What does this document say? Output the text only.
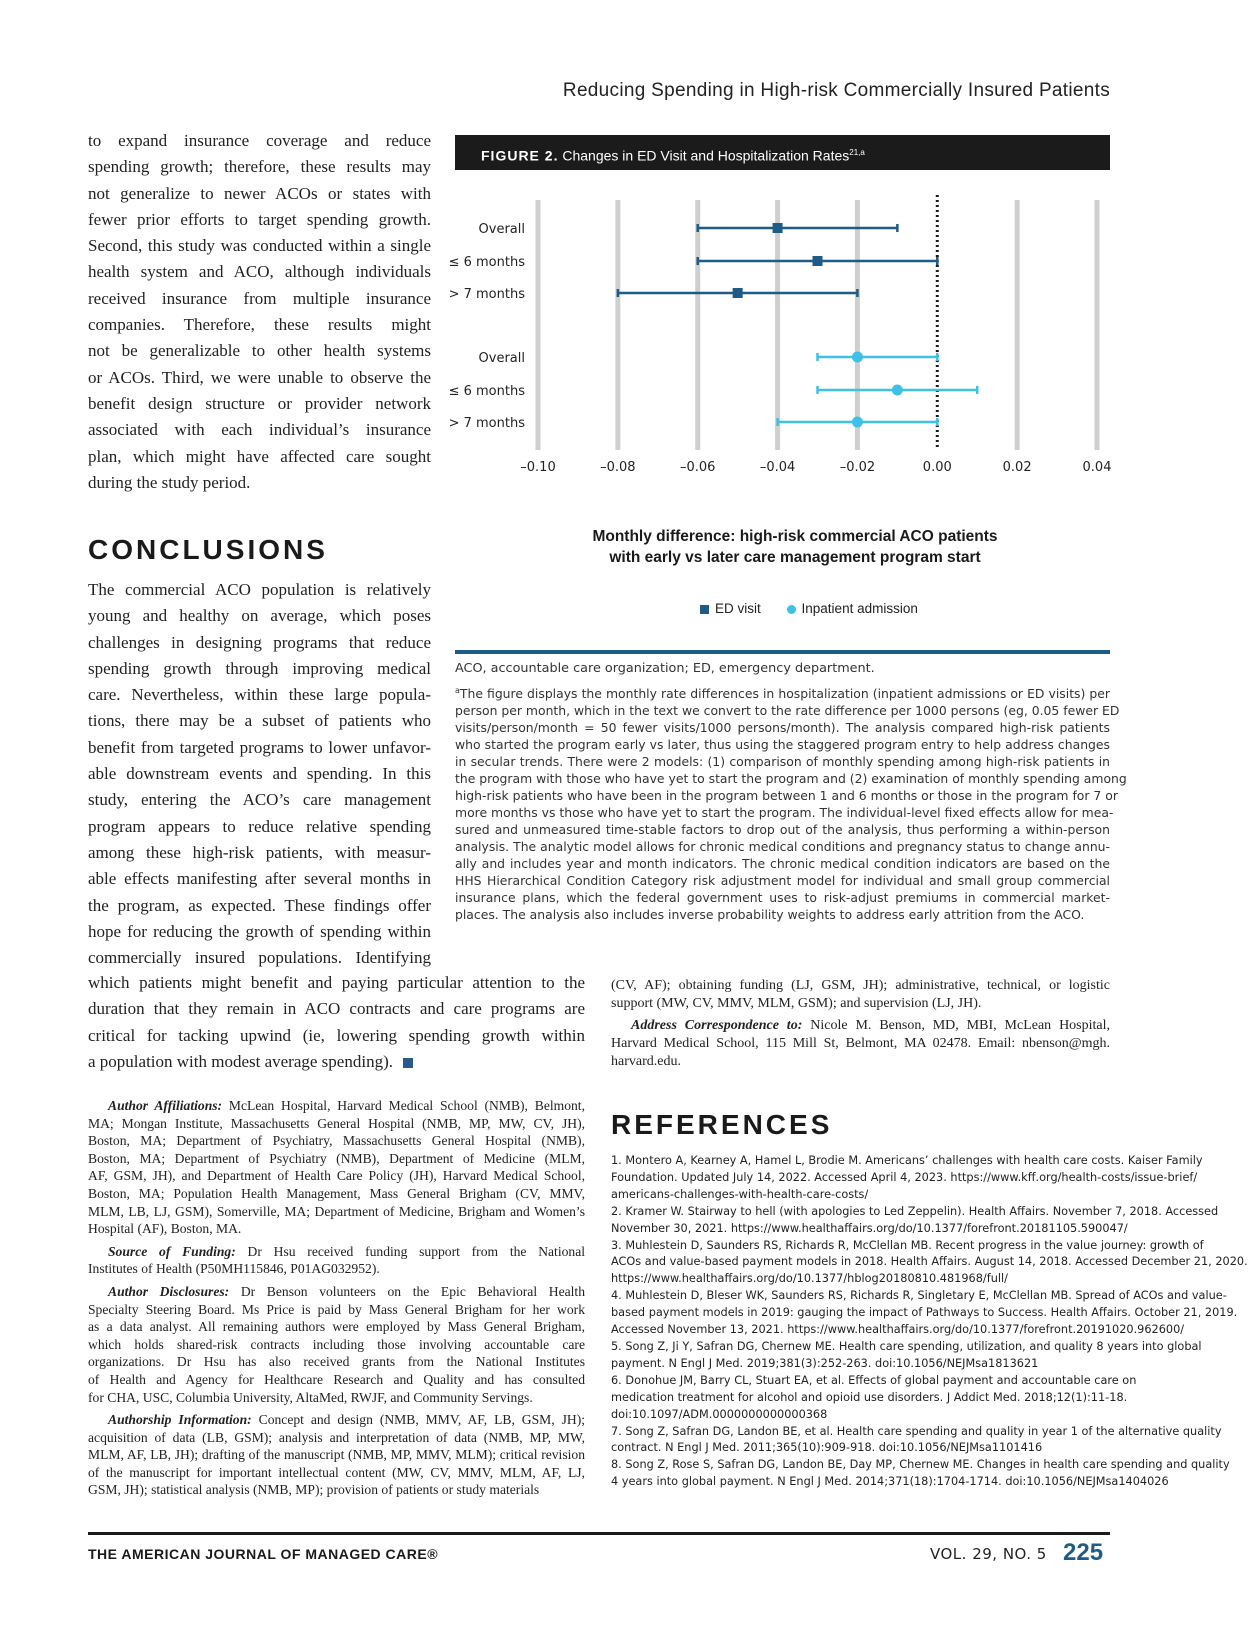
Reducing Spending in High-risk Commercially Insured Patients
to expand insurance coverage and reduce
spending growth; therefore, these results may
not generalize to newer ACOs or states with
fewer prior efforts to target spending growth.
Second, this study was conducted within a single
health system and ACO, although individuals
received insurance from multiple insurance
companies. Therefore, these results might
not be generalizable to other health systems
or ACOs. Third, we were unable to observe the
benefit design structure or provider network
associated with each individual’s insurance
plan, which might have affected care sought
during the study period.
CONCLUSIONS
The commercial ACO population is relatively
young and healthy on average, which poses
challenges in designing programs that reduce
spending growth through improving medical
care. Nevertheless, within these large popula-
tions, there may be a subset of patients who
benefit from targeted programs to lower unfavor-
able downstream events and spending. In this
study, entering the ACO’s care management
program appears to reduce relative spending
among these high-risk patients, with measur-
able effects manifesting after several months in
the program, as expected. These findings offer
hope for reducing the growth of spending within
commercially insured populations. Identifying
which patients might benefit and paying particular attention to the
duration that they remain in ACO contracts and care programs are
critical for tacking upwind (ie, lowering spending growth within
a population with modest average spending).
FIGURE 2. Changes in ED Visit and Hospitalization Rates$^{21,a}$
–0.10	–0.08	–0.06	–0.04	–0.02	0.00	0.02	0.04
Overall
≤ 6 months
> 7 months
Overall
≤ 6 months
> 7 months
Monthly difference: high-risk commercial ACO patients
with early vs later care management program start
ED visit	Inpatient admission
ACO, accountable care organization; ED, emergency department.
$^a$The figure displays the monthly rate differences in hospitalization (inpatient admissions or ED visits) per
person per month, which in the text we convert to the rate difference per 1000 persons (eg, 0.05 fewer ED
visits/person/month = 50 fewer visits/1000 persons/month). The analysis compared high-risk patients
who started the program early vs later, thus using the staggered program entry to help address changes
in secular trends. There were 2 models: (1) comparison of monthly spending among high-risk patients in
the program with those who have yet to start the program and (2) examination of monthly spending among
high-risk patients who have been in the program between 1 and 6 months or those in the program for 7 or
more months vs those who have yet to start the program. The individual-level fixed effects allow for mea-
sured and unmeasured time-stable factors to drop out of the analysis, thus performing a within-person
analysis. The analytic model allows for chronic medical conditions and pregnancy status to change annu-
ally and includes year and month indicators. The chronic medical condition indicators are based on the
HHS Hierarchical Condition Category risk adjustment model for individual and small group commercial
insurance plans, which the federal government uses to risk-adjust premiums in commercial market-
places. The analysis also includes inverse probability weights to address early attrition from the ACO.
(CV, AF); obtaining funding (LJ, GSM, JH); administrative, technical, or logistic
support (MW, CV, MMV, MLM, GSM); and supervision (LJ, JH).
Address Correspondence to: Nicole M. Benson, MD, MBI, McLean Hospital,
Harvard Medical School, 115 Mill St, Belmont, MA 02478. Email: nbenson@mgh.
harvard.edu.
Author Affiliations: McLean Hospital, Harvard Medical School (NMB), Belmont,
MA; Mongan Institute, Massachusetts General Hospital (NMB, MP, MW, CV, JH),
Boston, MA; Department of Psychiatry, Massachusetts General Hospital (NMB),
Boston, MA; Department of Psychiatry (NMB), Department of Medicine (MLM,
AF, GSM, JH), and Department of Health Care Policy (JH), Harvard Medical School,
Boston, MA; Population Health Management, Mass General Brigham (CV, MMV,
MLM, LB, LJ, GSM), Somerville, MA; Department of Medicine, Brigham and Women’s
Hospital (AF), Boston, MA.
Source of Funding: Dr Hsu received funding support from the National
Institutes of Health (P50MH115846, P01AG032952).
Author Disclosures: Dr Benson volunteers on the Epic Behavioral Health
Specialty Steering Board. Ms Price is paid by Mass General Brigham for her work
as a data analyst. All remaining authors were employed by Mass General Brigham,
which holds shared-risk contracts including those involving accountable care
organizations. Dr Hsu has also received grants from the National Institutes
of Health and Agency for Healthcare Research and Quality and has consulted
for CHA, USC, Columbia University, AltaMed, RWJF, and Community Servings.
Authorship Information: Concept and design (NMB, MMV, AF, LB, GSM, JH);
acquisition of data (LB, GSM); analysis and interpretation of data (NMB, MP, MW,
MLM, AF, LB, JH); drafting of the manuscript (NMB, MP, MMV, MLM); critical revision
of the manuscript for important intellectual content (MW, CV, MMV, MLM, AF, LJ,
GSM, JH); statistical analysis (NMB, MP); provision of patients or study materials
REFERENCES
1. Montero A, Kearney A, Hamel L, Brodie M. Americans’ challenges with health care costs. Kaiser Family
Foundation. Updated July 14, 2022. Accessed April 4, 2023. https://www.kff.org/health-costs/issue-brief/
americans-challenges-with-health-care-costs/
2. Kramer W. Stairway to hell (with apologies to Led Zeppelin). Health Affairs. November 7, 2018. Accessed
November 30, 2021. https://www.healthaffairs.org/do/10.1377/forefront.20181105.590047/
3. Muhlestein D, Saunders RS, Richards R, McClellan MB. Recent progress in the value journey: growth of
ACOs and value-based payment models in 2018. Health Affairs. August 14, 2018. Accessed December 21, 2020.
https://www.healthaffairs.org/do/10.1377/hblog20180810.481968/full/
4. Muhlestein D, Bleser WK, Saunders RS, Richards R, Singletary E, McClellan MB. Spread of ACOs and value-
based payment models in 2019: gauging the impact of Pathways to Success. Health Affairs. October 21, 2019.
Accessed November 13, 2021. https://www.healthaffairs.org/do/10.1377/forefront.20191020.962600/
5. Song Z, Ji Y, Safran DG, Chernew ME. Health care spending, utilization, and quality 8 years into global
payment. N Engl J Med. 2019;381(3):252-263. doi:10.1056/NEJMsa1813621
6. Donohue JM, Barry CL, Stuart EA, et al. Effects of global payment and accountable care on
medication treatment for alcohol and opioid use disorders. J Addict Med. 2018;12(1):11-18.
doi:10.1097/ADM.0000000000000368
7. Song Z, Safran DG, Landon BE, et al. Health care spending and quality in year 1 of the alternative quality
contract. N Engl J Med. 2011;365(10):909-918. doi:10.1056/NEJMsa1101416
8. Song Z, Rose S, Safran DG, Landon BE, Day MP, Chernew ME. Changes in health care spending and quality
4 years into global payment. N Engl J Med. 2014;371(18):1704-1714. doi:10.1056/NEJMsa1404026
THE AMERICAN JOURNAL OF MANAGED CARE®	VOL. 29, NO. 5 225
